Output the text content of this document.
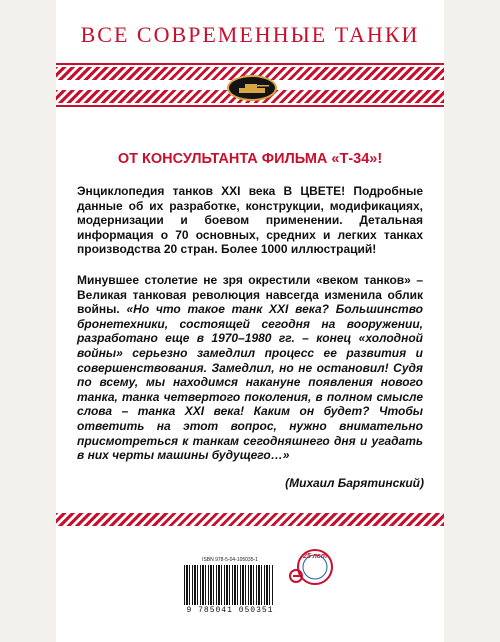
ВСЕ СОВРЕМЕННЫЕ ТАНКИ
ОТ КОНСУЛЬТАНТА ФИЛЬМА «Т-34»!
Энциклопедия танков XXI века В ЦВЕТЕ! Подробные данные об их разработке, конструкции, модификациях, модернизации и боевом применении. Детальная информация о 70 основных, средних и легких танках производства 20 стран. Более 1000 иллюстраций!
Минувшее столетие не зря окрестили «веком танков» – Великая танковая революция навсегда изменила облик войны. «Но что такое танк XXI века? Большинство бронетехники, состоящей сегодня на вооружении, разработано еще в 1970–1980 гг. – конец «холодной войны» серьезно замедлил процесс ее развития и совершенствования. Замедлил, но не остановил! Судя по всему, мы находимся накануне появления нового танка, танка четвертого поколения, в полном смысле слова – танка XXI века! Каким он будет? Чтобы ответить на этот вопрос, нужно внимательно присмотреться к танкам сегодняшнего дня и угадать в них черты машины будущего…»
(Михаил Барятинский)
ISBN 978-5-04-105035-1
9 785041 050351
25 лет
